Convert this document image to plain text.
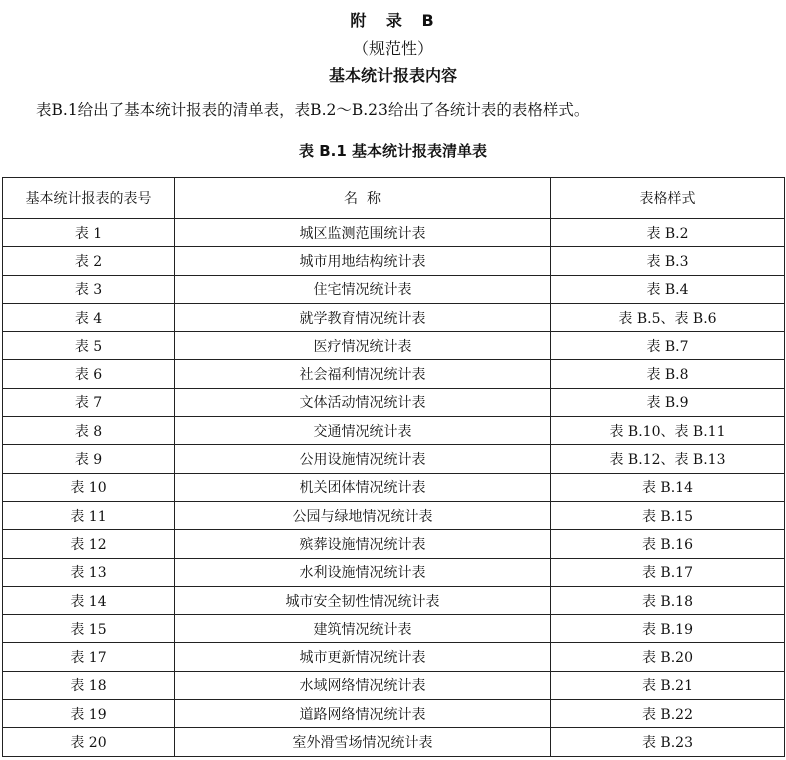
附 录 B
（规范性）
基本统计报表内容
表B.1给出了基本统计报表的清单表，表B.2～B.23给出了各统计表的表格样式。
表 B.1 基本统计报表清单表
基本统计报表的表号	名  称	表格样式
表 1	城区监测范围统计表	表 B.2
表 2	城市用地结构统计表	表 B.3
表 3	住宅情况统计表	表 B.4
表 4	就学教育情况统计表	表 B.5、表 B.6
表 5	医疗情况统计表	表 B.7
表 6	社会福利情况统计表	表 B.8
表 7	文体活动情况统计表	表 B.9
表 8	交通情况统计表	表 B.10、表 B.11
表 9	公用设施情况统计表	表 B.12、表 B.13
表 10	机关团体情况统计表	表 B.14
表 11	公园与绿地情况统计表	表 B.15
表 12	殡葬设施情况统计表	表 B.16
表 13	水利设施情况统计表	表 B.17
表 14	城市安全韧性情况统计表	表 B.18
表 15	建筑情况统计表	表 B.19
表 17	城市更新情况统计表	表 B.20
表 18	水域网络情况统计表	表 B.21
表 19	道路网络情况统计表	表 B.22
表 20	室外滑雪场情况统计表	表 B.23
